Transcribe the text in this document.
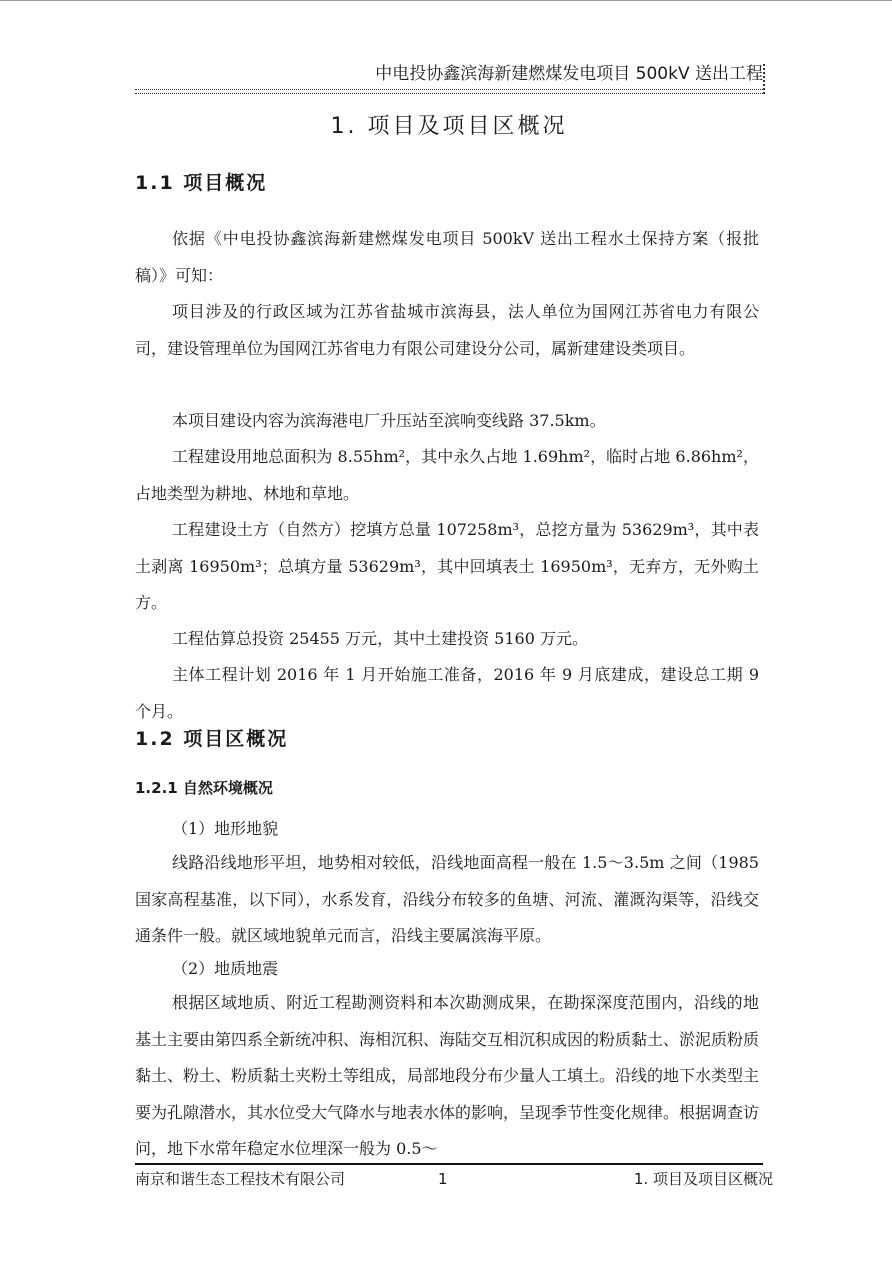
中电投协鑫滨海新建燃煤发电项目 500kV 送出工程
1. 项目及项目区概况
1.1 项目概况

依据《中电投协鑫滨海新建燃煤发电项目 500kV 送出工程水土保持方案（报批稿）》可知：

项目涉及的行政区域为江苏省盐城市滨海县，法人单位为国网江苏省电力有限公司，建设管理单位为国网江苏省电力有限公司建设分公司，属新建建设类项目。

本项目建设内容为滨海港电厂升压站至滨响变线路 37.5km。

工程建设用地总面积为 8.55hm²，其中永久占地 1.69hm²，临时占地 6.86hm²，占地类型为耕地、林地和草地。

工程建设土方（自然方）挖填方总量 107258m³，总挖方量为 53629m³，其中表土剥离 16950m³；总填方量 53629m³，其中回填表土 16950m³，无弃方，无外购土方。

工程估算总投资 25455 万元，其中土建投资 5160 万元。

主体工程计划 2016 年 1 月开始施工准备，2016 年 9 月底建成，建设总工期 9 个月。

1.2 项目区概况
1.2.1 自然环境概况
（1）地形地貌

线路沿线地形平坦，地势相对较低，沿线地面高程一般在 1.5～3.5m 之间（1985 国家高程基准，以下同），水系发育，沿线分布较多的鱼塘、河流、灌溉沟渠等，沿线交通条件一般。就区域地貌单元而言，沿线主要属滨海平原。

（2）地质地震

根据区域地质、附近工程勘测资料和本次勘测成果，在勘探深度范围内，沿线的地基土主要由第四系全新统冲积、海相沉积、海陆交互相沉积成因的粉质黏土、淤泥质粉质黏土、粉土、粉质黏土夹粉土等组成，局部地段分布少量人工填土。沿线的地下水类型主要为孔隙潜水，其水位受大气降水与地表水体的影响，呈现季节性变化规律。根据调查访问，地下水常年稳定水位埋深一般为 0.5～

南京和谐生态工程技术有限公司	1	1. 项目及项目区概况
